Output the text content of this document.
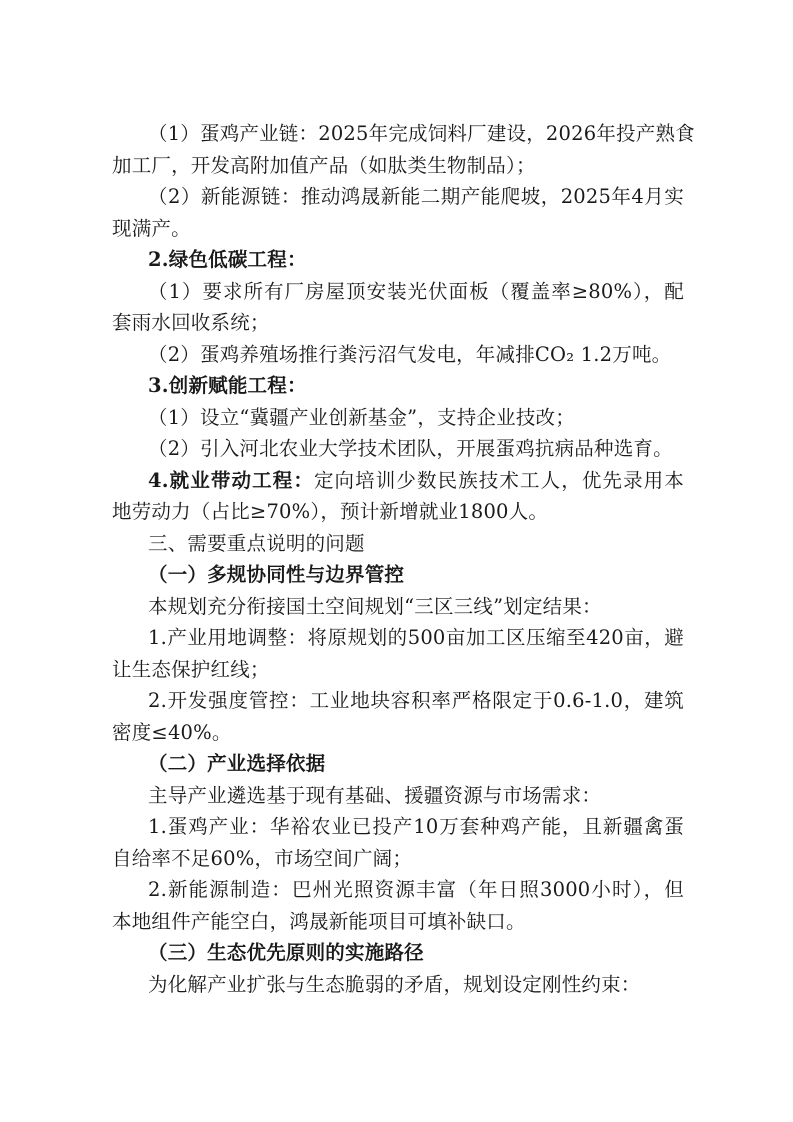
（1）蛋鸡产业链：2025年完成饲料厂建设，2026年投产熟食
加工厂，开发高附加值产品（如肽类生物制品）；
（2）新能源链：推动鸿晟新能二期产能爬坡，2025年4月实
现满产。
2.绿色低碳工程：
（1）要求所有厂房屋顶安装光伏面板（覆盖率≥80%），配
套雨水回收系统；
（2）蛋鸡养殖场推行粪污沼气发电，年减排CO₂ 1.2万吨。
3.创新赋能工程：
（1）设立“冀疆产业创新基金”，支持企业技改；
（2）引入河北农业大学技术团队，开展蛋鸡抗病品种选育。
4.就业带动工程：定向培训少数民族技术工人，优先录用本
地劳动力（占比≥70%），预计新增就业1800人。
三、需要重点说明的问题
（一）多规协同性与边界管控
本规划充分衔接国土空间规划“三区三线”划定结果：
1.产业用地调整：将原规划的500亩加工区压缩至420亩，避
让生态保护红线；
2.开发强度管控：工业地块容积率严格限定于0.6-1.0，建筑
密度≤40%。
（二）产业选择依据
主导产业遴选基于现有基础、援疆资源与市场需求：
1.蛋鸡产业：华裕农业已投产10万套种鸡产能，且新疆禽蛋
自给率不足60%，市场空间广阔；
2.新能源制造：巴州光照资源丰富（年日照3000小时），但
本地组件产能空白，鸿晟新能项目可填补缺口。
（三）生态优先原则的实施路径
为化解产业扩张与生态脆弱的矛盾，规划设定刚性约束：
